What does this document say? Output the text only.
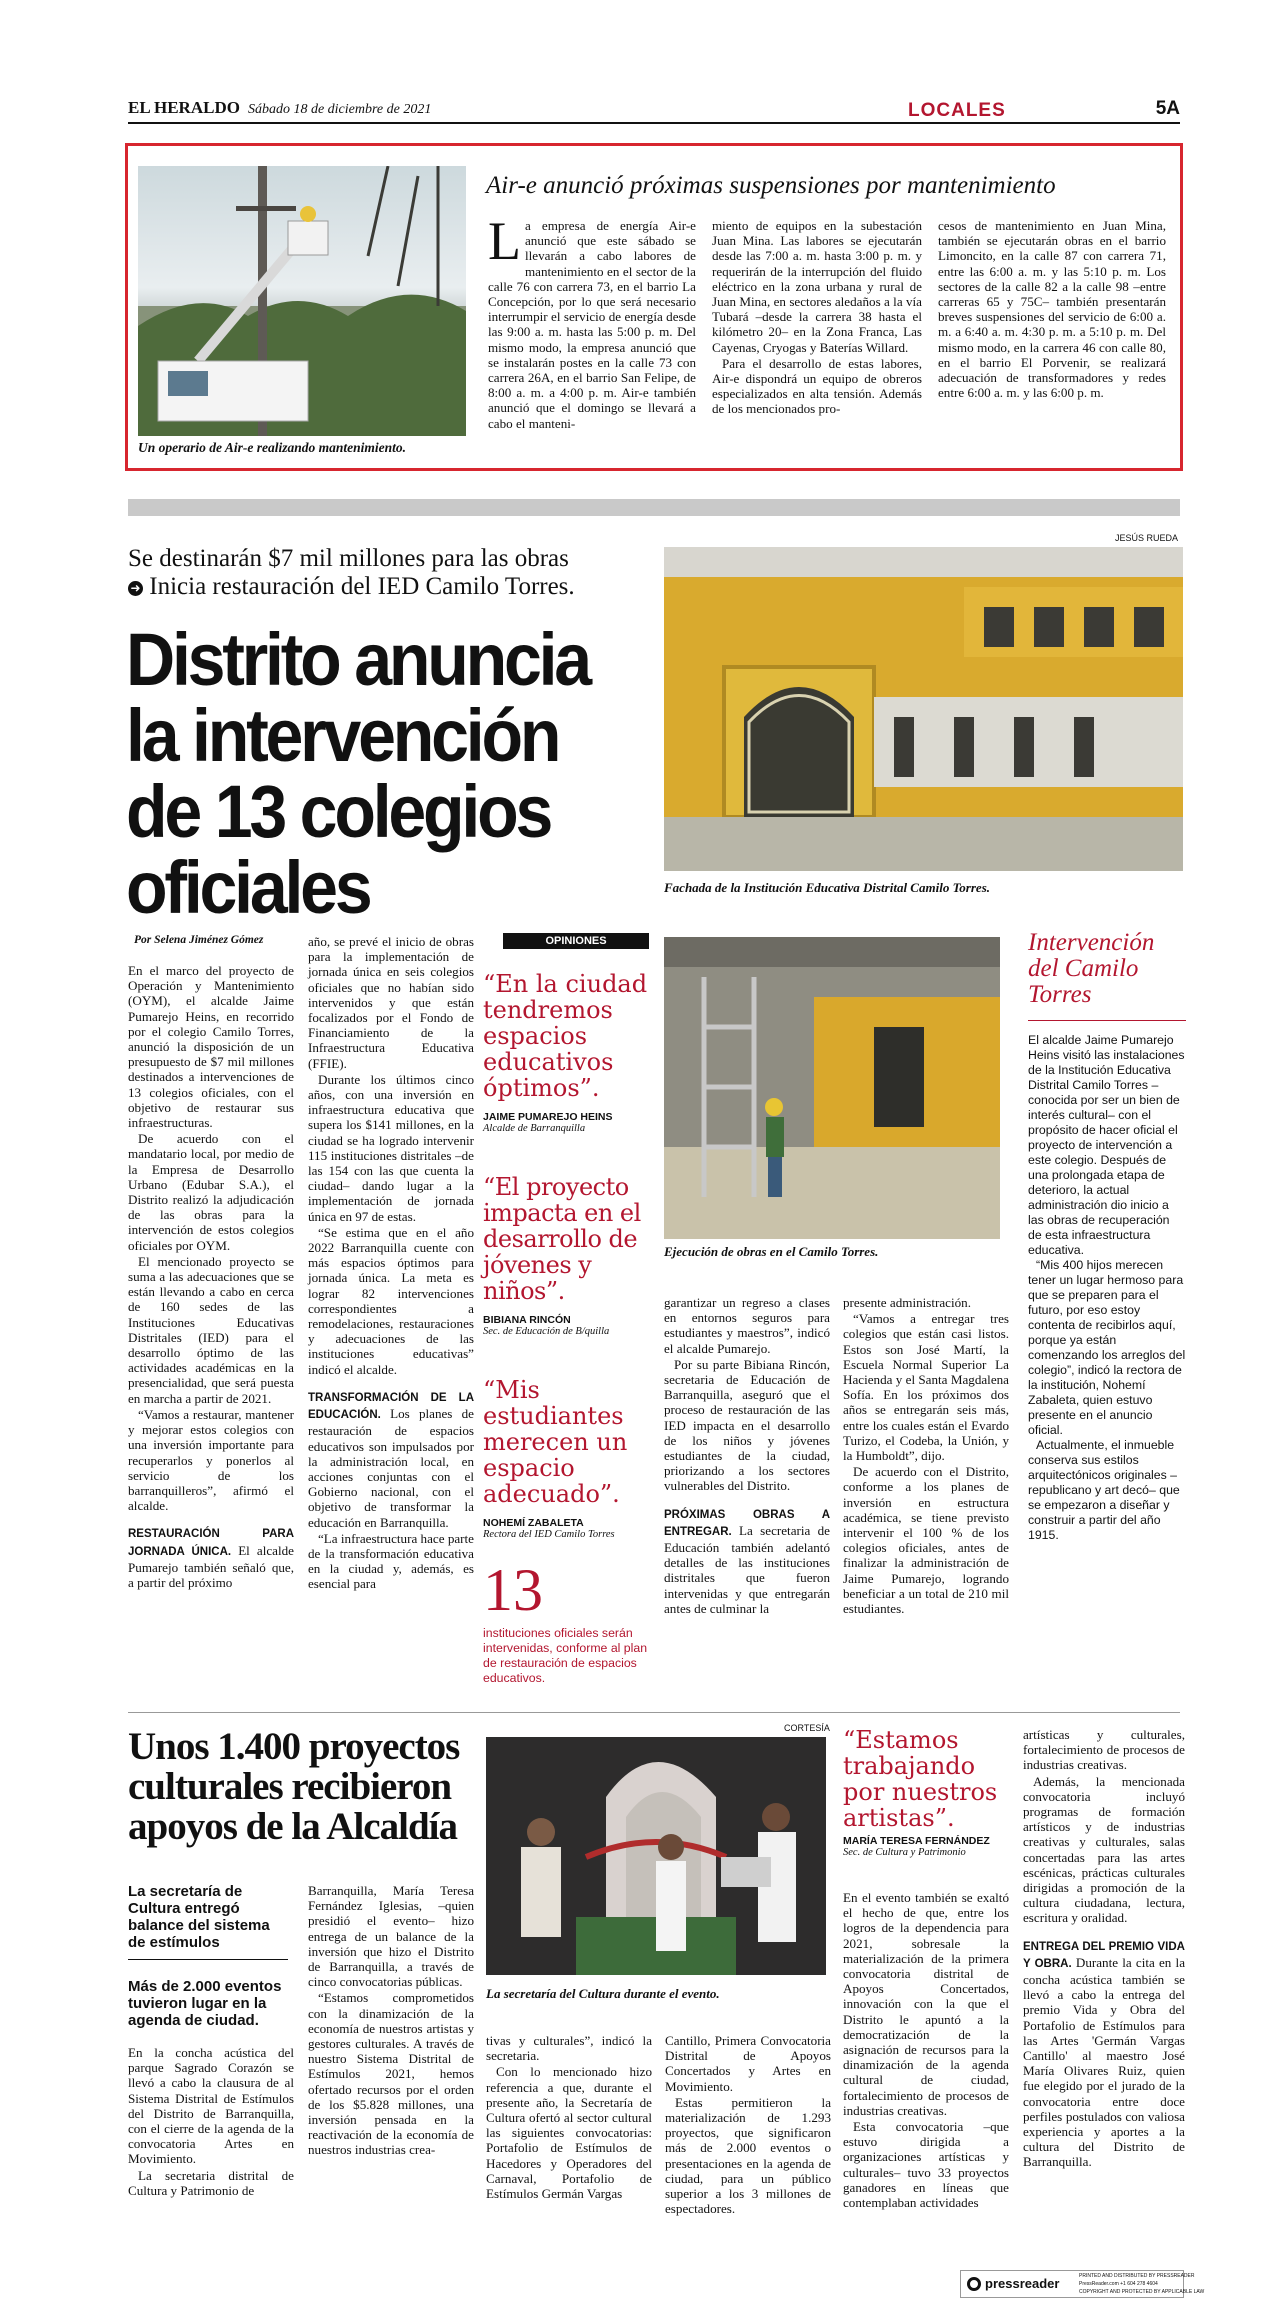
EL HERALDO Sábado 18 de diciembre de 2021	LOCALES	5A
Un operario de Air-e realizando mantenimiento.
Air-e anunció próximas suspensiones por mantenimiento
La empresa de energía Air-e anunció que este sábado se llevarán a cabo labores de mantenimiento en el sector de la calle 76 con carrera 73, en el barrio La Concepción, por lo que será necesario interrumpir el servicio de energía desde las 9:00 a. m. hasta las 5:00 p. m. Del mismo modo, la empresa anunció que se instalarán postes en la calle 73 con carrera 26A, en el barrio San Felipe, de 8:00 a. m. a 4:00 p. m. Air-e también anunció que el domingo se llevará a cabo el manteni-

miento de equipos en la subestación Juan Mina. Las labores se ejecutarán desde las 7:00 a. m. hasta 3:00 p. m. y requerirán de la interrupción del fluido eléctrico en la zona urbana y rural de Juan Mina, en sectores aledaños a la vía Tubará –desde la carrera 38 hasta el kilómetro 20– en la Zona Franca, Las Cayenas, Cryogas y Baterías Willard.

Para el desarrollo de estas labores, Air-e dispondrá un equipo de obreros especializados en alta tensión. Además de los mencionados pro-

cesos de mantenimiento en Juan Mina, también se ejecutarán obras en el barrio Limoncito, en la calle 87 con carrera 71, entre las 6:00 a. m. y las 5:10 p. m. Los sectores de la calle 82 a la calle 98 –entre carreras 65 y 75C– también presentarán breves suspensiones del servicio de 6:00 a. m. a 6:40 a. m. 4:30 p. m. a 5:10 p. m. Del mismo modo, en la carrera 46 con calle 80, en el barrio El Porvenir, se realizará adecuación de transformadores y redes entre 6:00 a. m. y las 6:00 p. m.

Se destinarán $7 mil millones para las obras
➜ Inicia restauración del IED Camilo Torres.
Distrito anuncia la intervención de 13 colegios oficiales
JESÚS RUEDA
Fachada de la Institución Educativa Distrital Camilo Torres.
Por Selena Jiménez Gómez

En el marco del proyecto de Operación y Mantenimiento (OYM), el alcalde Jaime Pumarejo Heins, en recorrido por el colegio Camilo Torres, anunció la disposición de un presupuesto de $7 mil millones destinados a intervenciones de 13 colegios oficiales, con el objetivo de restaurar sus infraestructuras.

De acuerdo con el mandatario local, por medio de la Empresa de Desarrollo Urbano (Edubar S.A.), el Distrito realizó la adjudicación de las obras para la intervención de estos colegios oficiales por OYM.

El mencionado proyecto se suma a las adecuaciones que se están llevando a cabo en cerca de 160 sedes de las Instituciones Educativas Distritales (IED) para el desarrollo óptimo de las actividades académicas en la presencialidad, que será puesta en marcha a partir de 2021.

“Vamos a restaurar, mantener y mejorar estos colegios con una inversión importante para recuperarlos y ponerlos al servicio de los barranquilleros”, afirmó el alcalde.

RESTAURACIÓN PARA JORNADA ÚNICA. El alcalde Pumarejo también señaló que, a partir del próximo

año, se prevé el inicio de obras para la implementación de jornada única en seis colegios oficiales que no habían sido intervenidos y que están focalizados por el Fondo de Financiamiento de la Infraestructura Educativa (FFIE).

Durante los últimos cinco años, con una inversión en infraestructura educativa que supera los $141 millones, en la ciudad se ha logrado intervenir 115 instituciones distritales –de las 154 con las que cuenta la ciudad– dando lugar a la implementación de jornada única en 97 de estas.

“Se estima que en el año 2022 Barranquilla cuente con más espacios óptimos para jornada única. La meta es lograr 82 intervenciones correspondientes a remodelaciones, restauraciones y adecuaciones de las instituciones educativas” indicó el alcalde.

TRANSFORMACIÓN DE LA EDUCACIÓN. Los planes de restauración de espacios educativos son impulsados por la administración local, en acciones conjuntas con el Gobierno nacional, con el objetivo de transformar la educación en Barranquilla.

“La infraestructura hace parte de la transformación educativa en la ciudad y, además, es esencial para

OPINIONES
“En la ciudad tendremos espacios educativos óptimos”.
JAIME PUMAREJO HEINS
Alcalde de Barranquilla
“El proyecto impacta en el desarrollo de jóvenes y niños”.
BIBIANA RINCÓN
Sec. de Educación de B/quilla
“Mis estudiantes merecen un espacio adecuado”.
NOHEMÍ ZABALETA
Rectora del IED Camilo Torres
13
instituciones oficiales serán intervenidas, conforme al plan de restauración de espacios educativos.
Ejecución de obras en el Camilo Torres.

garantizar un regreso a clases en entornos seguros para estudiantes y maestros”, indicó el alcalde Pumarejo.

Por su parte Bibiana Rincón, secretaria de Educación de Barranquilla, aseguró que el proceso de restauración de las IED impacta en el desarrollo de los niños y jóvenes estudiantes de la ciudad, priorizando a los sectores vulnerables del Distrito.

PRÓXIMAS OBRAS A ENTREGAR. La secretaria de Educación también adelantó detalles de las instituciones distritales que fueron intervenidas y que entregarán antes de culminar la

presente administración.

“Vamos a entregar tres colegios que están casi listos. Estos son José Martí, la Escuela Normal Superior La Hacienda y el Santa Magdalena Sofía. En los próximos dos años se entregarán seis más, entre los cuales están el Evardo Turizo, el Codeba, la Unión, y la Humboldt”, dijo.

De acuerdo con el Distrito, conforme a los planes de inversión en estructura académica, se tiene previsto intervenir el 100 % de los colegios oficiales, antes de finalizar la administración de Jaime Pumarejo, logrando beneficiar a un total de 210 mil estudiantes.

Intervención del Camilo Torres

El alcalde Jaime Pumarejo Heins visitó las instalaciones de la Institución Educativa Distrital Camilo Torres –conocida por ser un bien de interés cultural– con el propósito de hacer oficial el proyecto de intervención a este colegio. Después de una prolongada etapa de deterioro, la actual administración dio inicio a las obras de recuperación de esta infraestructura educativa.

“Mis 400 hijos merecen tener un lugar hermoso para que se preparen para el futuro, por eso estoy contenta de recibirlos aquí, porque ya están comenzando los arreglos del colegio”, indicó la rectora de la institución, Nohemí Zabaleta, quien estuvo presente en el anuncio oficial.

Actualmente, el inmueble conserva sus estilos arquitectónicos originales –republicano y art decó– que se empezaron a diseñar y construir a partir del año 1915.

Unos 1.400 proyectos culturales recibieron apoyos de la Alcaldía
La secretaría de Cultura entregó balance del sistema de estímulos
Más de 2.000 eventos tuvieron lugar en la agenda de ciudad.

En la concha acústica del parque Sagrado Corazón se llevó a cabo la clausura de al Sistema Distrital de Estímulos del Distrito de Barranquilla, con el cierre de la agenda de la convocatoria Artes en Movimiento.

La secretaria distrital de Cultura y Patrimonio de

Barranquilla, María Teresa Fernández Iglesias, –quien presidió el evento– hizo entrega de un balance de la inversión que hizo el Distrito de Barranquilla, a través de cinco convocatorias públicas.

“Estamos comprometidos con la dinamización de la economía de nuestros artistas y gestores culturales. A través de nuestro Sistema Distrital de Estímulos 2021, hemos ofertado recursos por el orden de los $5.828 millones, una inversión pensada en la reactivación de la economía de nuestros industrias crea-

CORTESÍA
La secretaría del Cultura durante el evento.

tivas y culturales”, indicó la secretaria.

Con lo mencionado hizo referencia a que, durante el presente año, la Secretaría de Cultura ofertó al sector cultural las siguientes convocatorias: Portafolio de Estímulos de Hacedores y Operadores del Carnaval, Portafolio de Estímulos Germán Vargas

Cantillo, Primera Convocatoria Distrital de Apoyos Concertados y Artes en Movimiento.

Estas permitieron la materialización de 1.293 proyectos, que significaron más de 2.000 eventos o presentaciones en la agenda de ciudad, para un público superior a los 3 millones de espectadores.

“Estamos trabajando por nuestros artistas”.
MARÍA TERESA FERNÁNDEZ
Sec. de Cultura y Patrimonio

En el evento también se exaltó el hecho de que, entre los logros de la dependencia para 2021, sobresale la materialización de la primera convocatoria distrital de Apoyos Concertados, innovación con la que el Distrito le apuntó a la democratización de la asignación de recursos para la dinamización de la agenda cultural de ciudad, fortalecimiento de procesos de industrias creativas.

Esta convocatoria –que estuvo dirigida a organizaciones artísticas y culturales– tuvo 33 proyectos ganadores en líneas que contemplaban actividades

artísticas y culturales, fortalecimiento de procesos de industrias creativas.

Además, la mencionada convocatoria incluyó programas de formación artísticos y de industrias creativas y culturales, salas concertadas para las artes escénicas, prácticas culturales dirigidas a promoción de la cultura ciudadana, lectura, escritura y oralidad.

ENTREGA DEL PREMIO VIDA Y OBRA. Durante la cita en la concha acústica también se llevó a cabo la entrega del premio Vida y Obra del Portafolio de Estímulos para las Artes 'Germán Vargas Cantillo' al maestro José María Olivares Ruiz, quien fue elegido por el jurado de la convocatoria entre doce perfiles postulados con valiosa experiencia y aportes a la cultura del Distrito de Barranquilla.

pressreader	PRINTED AND DISTRIBUTED BY PRESSREADER
PressReader.com +1 604 278 4604
COPYRIGHT AND PROTECTED BY APPLICABLE LAW
